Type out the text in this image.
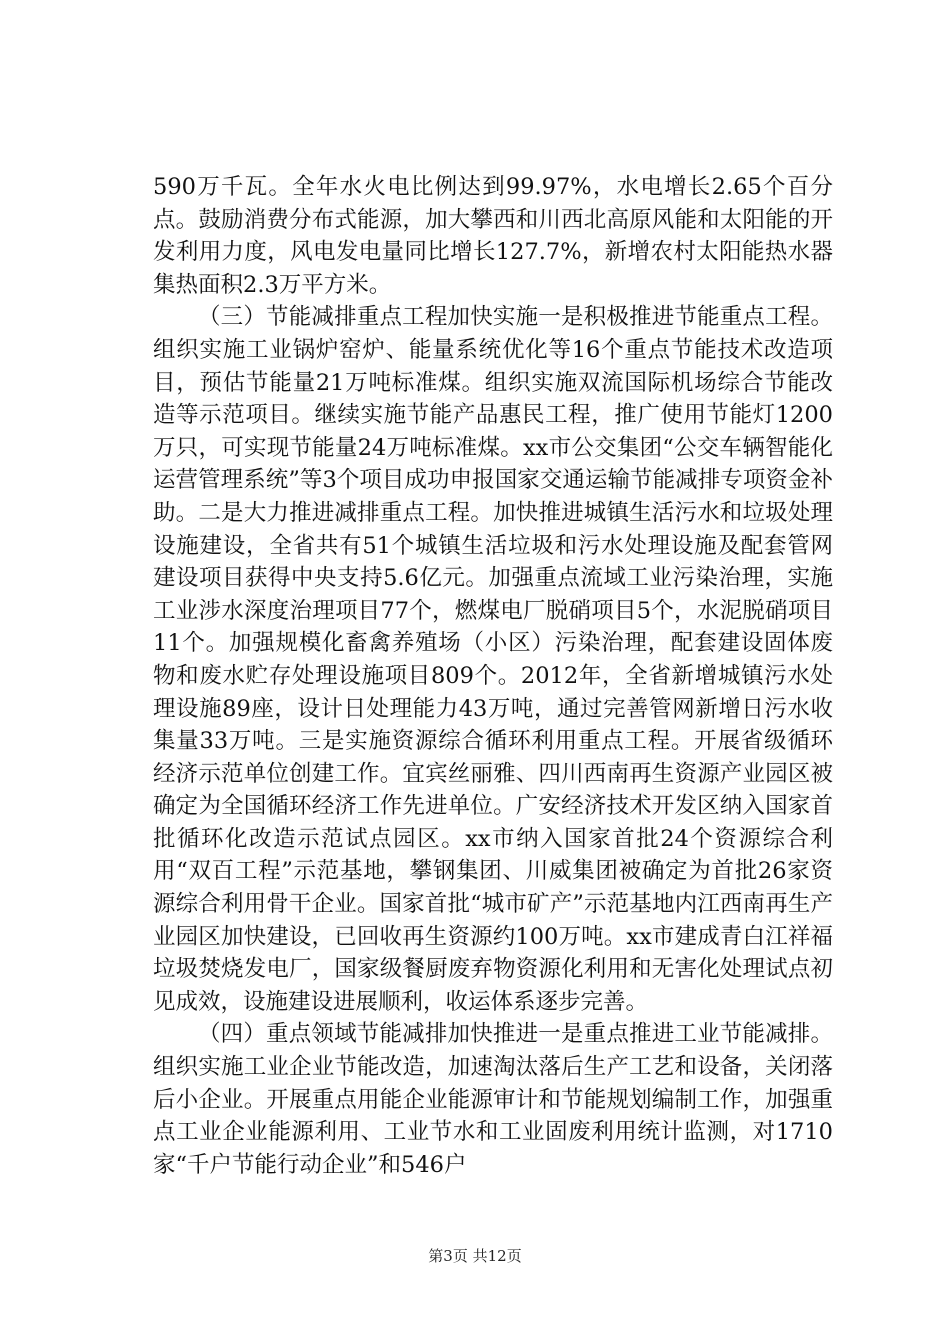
590万千瓦。全年水火电比例达到99.97%，水电增长2.65个百分点。鼓励消费分布式能源，加大攀西和川西北高原风能和太阳能的开发利用力度，风电发电量同比增长127.7%，新增农村太阳能热水器集热面积2.3万平方米。

（三）节能减排重点工程加快实施一是积极推进节能重点工程。组织实施工业锅炉窑炉、能量系统优化等16个重点节能技术改造项目，预估节能量21万吨标准煤。组织实施双流国际机场综合节能改造等示范项目。继续实施节能产品惠民工程，推广使用节能灯1200万只，可实现节能量24万吨标准煤。xx市公交集团“公交车辆智能化运营管理系统”等3个项目成功申报国家交通运输节能减排专项资金补助。二是大力推进减排重点工程。加快推进城镇生活污水和垃圾处理设施建设，全省共有51个城镇生活垃圾和污水处理设施及配套管网建设项目获得中央支持5.6亿元。加强重点流域工业污染治理，实施工业涉水深度治理项目77个，燃煤电厂脱硝项目5个，水泥脱硝项目11个。加强规模化畜禽养殖场（小区）污染治理，配套建设固体废物和废水贮存处理设施项目809个。2012年，全省新增城镇污水处理设施89座，设计日处理能力43万吨，通过完善管网新增日污水收集量33万吨。三是实施资源综合循环利用重点工程。开展省级循环经济示范单位创建工作。宜宾丝丽雅、四川西南再生资源产业园区被确定为全国循环经济工作先进单位。广安经济技术开发区纳入国家首批循环化改造示范试点园区。xx市纳入国家首批24个资源综合利用“双百工程”示范基地，攀钢集团、川威集团被确定为首批26家资源综合利用骨干企业。国家首批“城市矿产”示范基地内江西南再生产业园区加快建设，已回收再生资源约100万吨。xx市建成青白江祥福垃圾焚烧发电厂，国家级餐厨废弃物资源化利用和无害化处理试点初见成效，设施建设进展顺利，收运体系逐步完善。

（四）重点领域节能减排加快推进一是重点推进工业节能减排。组织实施工业企业节能改造，加速淘汰落后生产工艺和设备，关闭落后小企业。开展重点用能企业能源审计和节能规划编制工作，加强重点工业企业能源利用、工业节水和工业固废利用统计监测，对1710家“千户节能行动企业”和546户

第3页 共12页
